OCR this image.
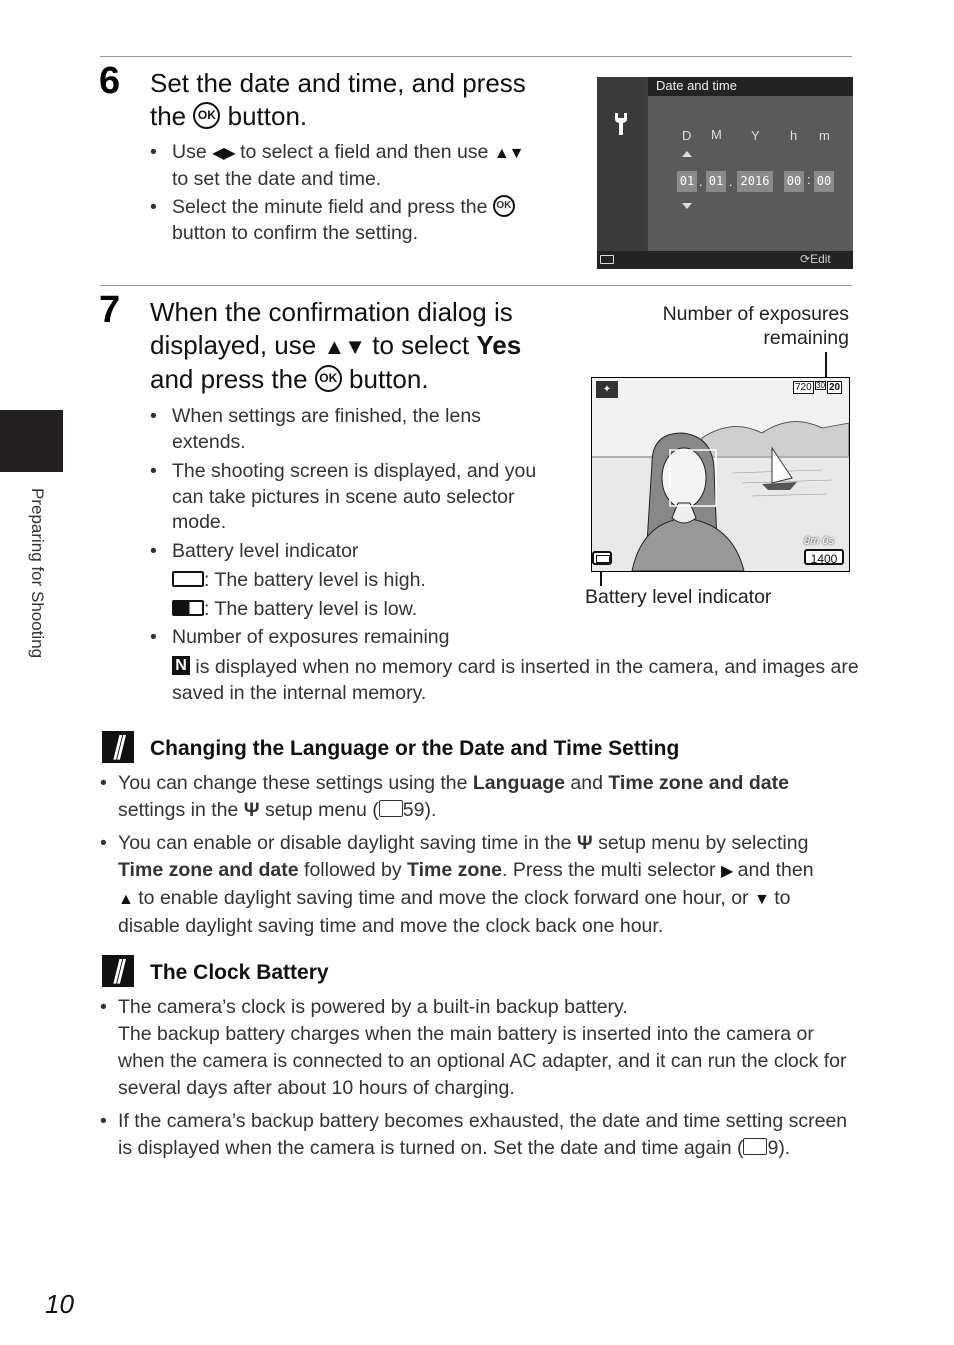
Preparing for Shooting
6 Set the date and time, and press
the OK button.
• Use ◀▶ to select a field and then use ▲▼
to set the date and time.
• Select the minute field and press the OK
button to confirm the setting.
Date and time
D M Y h m
01 . 01 . 2016 00 : 00
⟳Edit
7 When the confirmation dialog is
displayed, use ▲▼ to select Yes
and press the OK button.
• When settings are finished, the lens extends.
• The shooting screen is displayed, and you can take pictures in scene auto selector mode.
• Battery level indicator
: The battery level is high.
: The battery level is low.
• Number of exposures remaining
N is displayed when no memory card is inserted in the camera, and images are saved in the internal memory.
Number of exposures
remaining
Battery level indicator
✦	720 30 20
8m 0s
1400
∥	Changing the Language or the Date and Time Setting
• You can change these settings using the Language and Time zone and date
settings in the Ψ setup menu ( 59).
• You can enable or disable daylight saving time in the Ψ setup menu by selecting
Time zone and date followed by Time zone. Press the multi selector ▶ and then
▲ to enable daylight saving time and move the clock forward one hour, or ▼ to
disable daylight saving time and move the clock back one hour.
∥	The Clock Battery
• The camera’s clock is powered by a built-in backup battery.
The backup battery charges when the main battery is inserted into the camera or when the camera is connected to an optional AC adapter, and it can run the clock for several days after about 10 hours of charging.
• If the camera’s backup battery becomes exhausted, the date and time setting screen is displayed when the camera is turned on. Set the date and time again ( 9).
10
